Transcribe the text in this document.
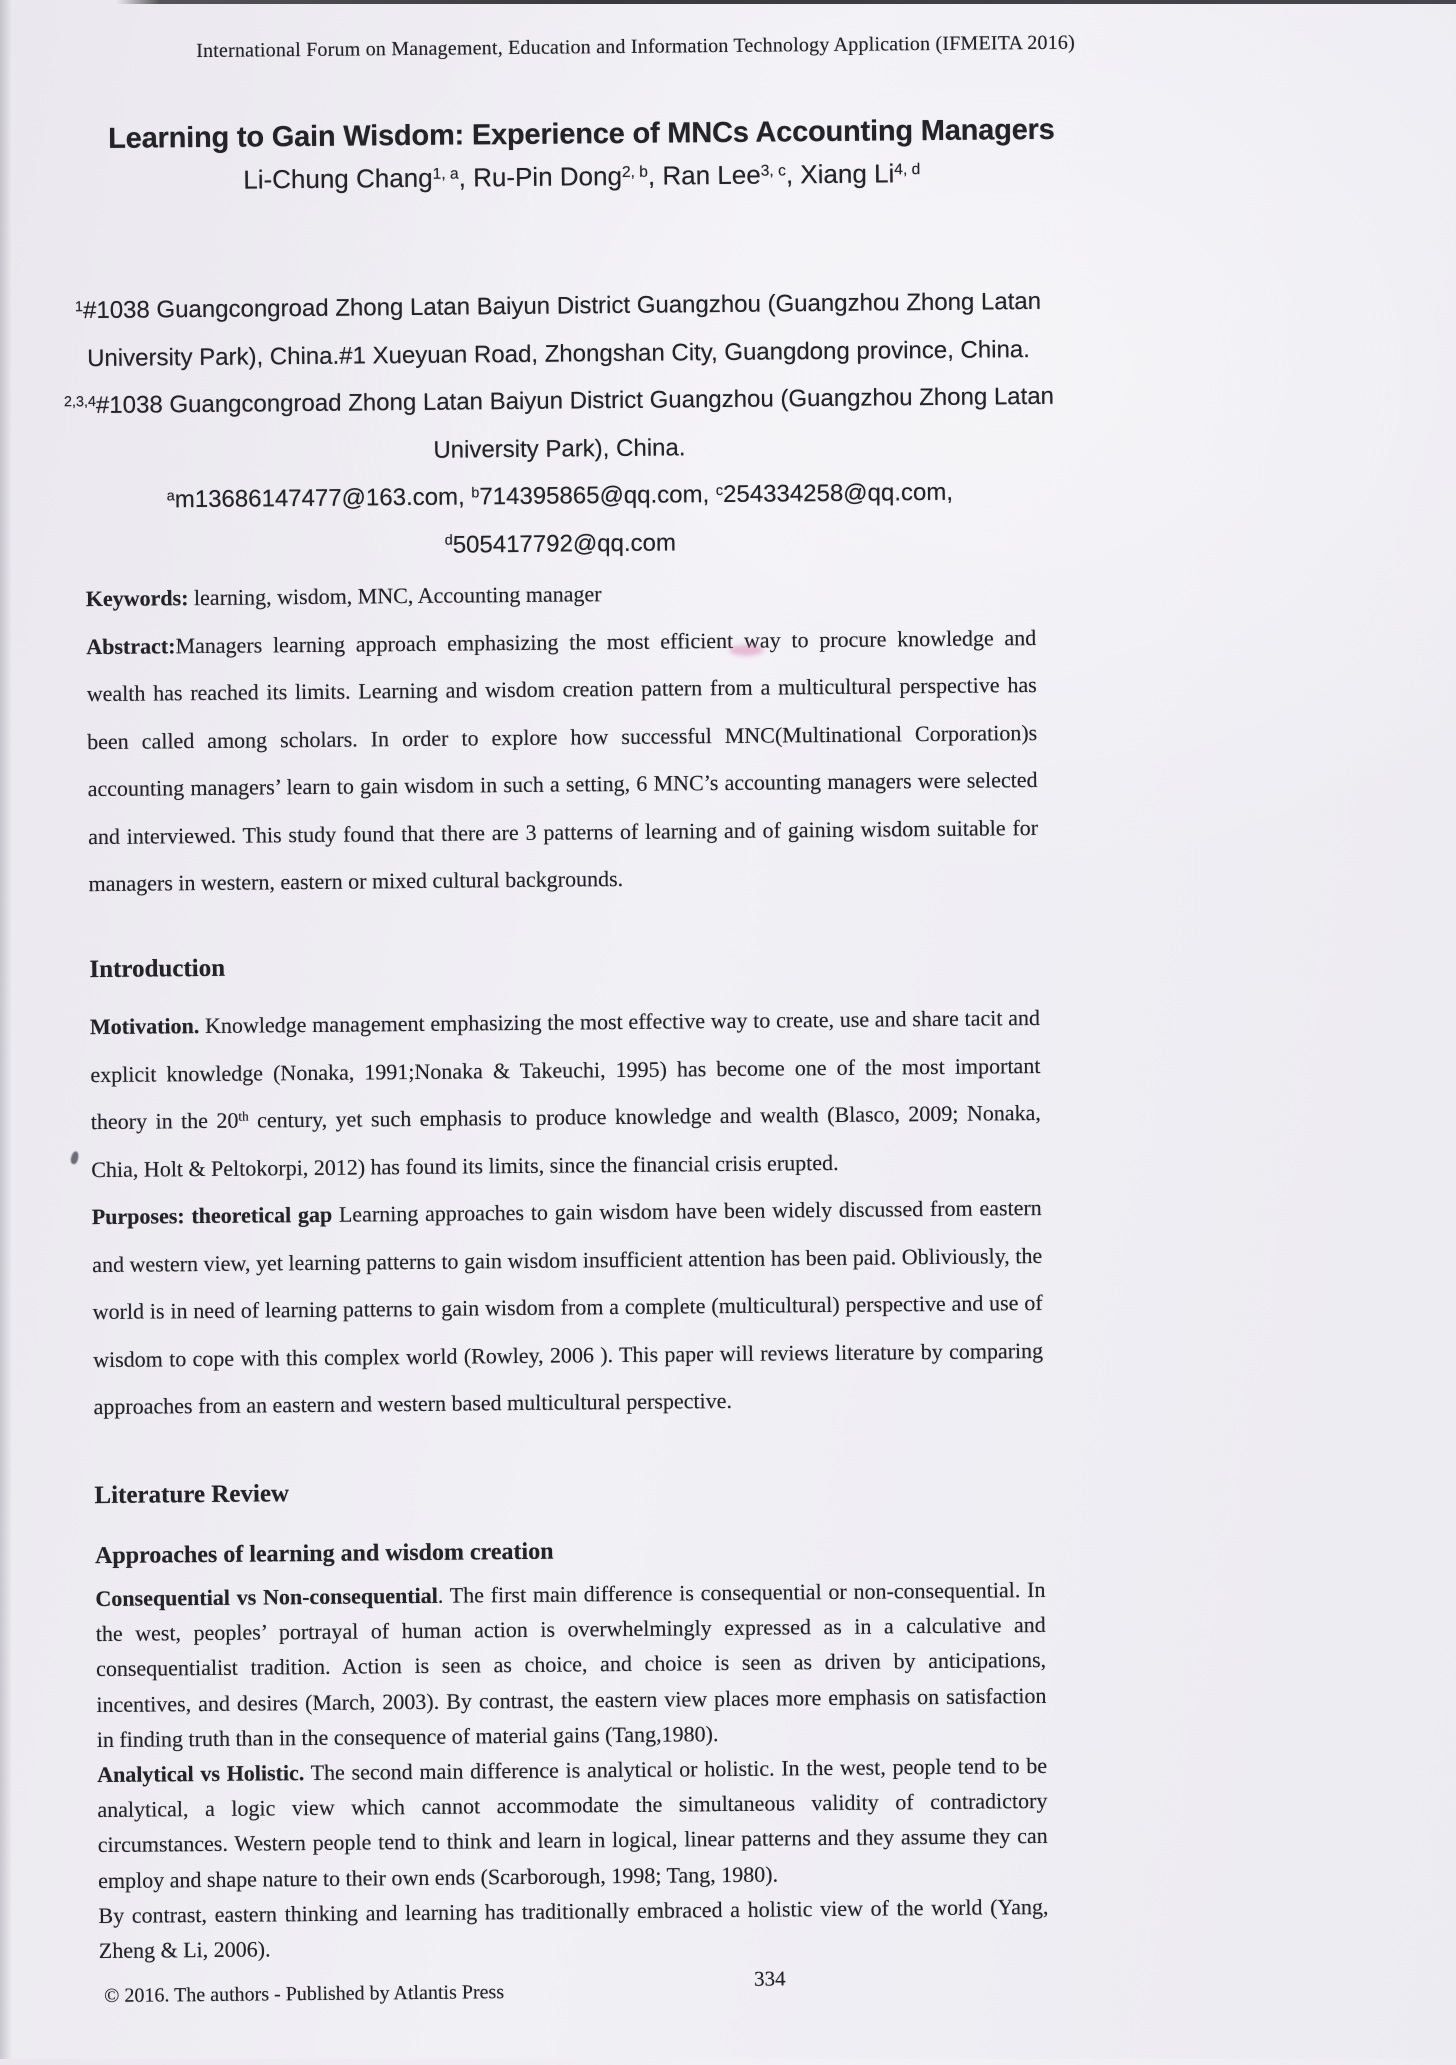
International Forum on Management, Education and Information Technology Application (IFMEITA 2016)
Learning to Gain Wisdom: Experience of MNCs Accounting Managers
Li-Chung Chang$^{1, a}$, Ru-Pin Dong$^{2, b}$, Ran Lee$^{3, c}$, Xiang Li$^{4, d}$

$^1$#1038 Guangcongroad Zhong Latan Baiyun District Guangzhou (Guangzhou Zhong Latan University Park), China.#1 Xueyuan Road, Zhongshan City, Guangdong province, China.

$^{2,3,4}$#1038 Guangcongroad Zhong Latan Baiyun District Guangzhou (Guangzhou Zhong Latan University Park), China.

$^a$m13686147477@163.com, $^b$714395865@qq.com, $^c$254334258@qq.com, $^d$505417792@qq.com

Keywords: learning, wisdom, MNC, Accounting manager

Abstract:Managers learning approach emphasizing the most efficient way to procure knowledge and wealth has reached its limits. Learning and wisdom creation pattern from a multicultural perspective has been called among scholars. In order to explore how successful MNC(Multinational Corporation)s accounting managers’ learn to gain wisdom in such a setting, 6 MNC’s accounting managers were selected and interviewed. This study found that there are 3 patterns of learning and of gaining wisdom suitable for managers in western, eastern or mixed cultural backgrounds.

Introduction

Motivation. Knowledge management emphasizing the most effective way to create, use and share tacit and explicit knowledge (Nonaka, 1991;Nonaka & Takeuchi, 1995) has become one of the most important theory in the 20th century, yet such emphasis to produce knowledge and wealth (Blasco, 2009; Nonaka, Chia, Holt & Peltokorpi, 2012) has found its limits, since the financial crisis erupted.

Purposes: theoretical gap Learning approaches to gain wisdom have been widely discussed from eastern and western view, yet learning patterns to gain wisdom insufficient attention has been paid. Obliviously, the world is in need of learning patterns to gain wisdom from a complete (multicultural) perspective and use of wisdom to cope with this complex world (Rowley, 2006 ). This paper will reviews literature by comparing approaches from an eastern and western based multicultural perspective.

Literature Review
Approaches of learning and wisdom creation

Consequential vs Non-consequential. The first main difference is consequential or non-consequential. In the west, peoples’ portrayal of human action is overwhelmingly expressed as in a calculative and consequentialist tradition. Action is seen as choice, and choice is seen as driven by anticipations, incentives, and desires (March, 2003). By contrast, the eastern view places more emphasis on satisfaction in finding truth than in the consequence of material gains (Tang,1980).

Analytical vs Holistic. The second main difference is analytical or holistic. In the west, people tend to be analytical, a logic view which cannot accommodate the simultaneous validity of contradictory circumstances. Western people tend to think and learn in logical, linear patterns and they assume they can employ and shape nature to their own ends (Scarborough, 1998; Tang, 1980).

By contrast, eastern thinking and learning has traditionally embraced a holistic view of the world (Yang, Zheng & Li, 2006).

© 2016. The authors - Published by Atlantis Press
334
